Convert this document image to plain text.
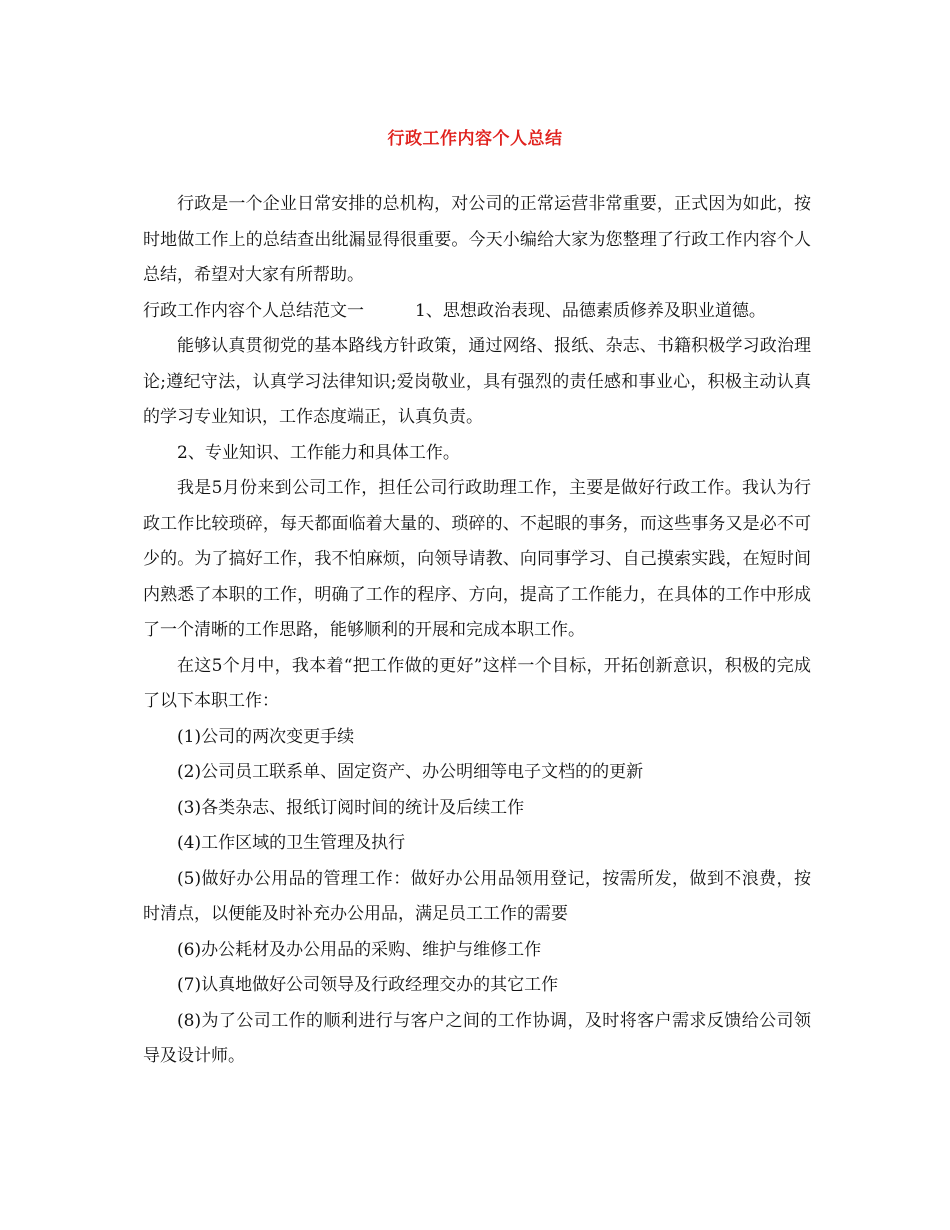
行政工作内容个人总结

行政是一个企业日常安排的总机构，对公司的正常运营非常重要，正式因为如此，按时地做工作上的总结查出纰漏显得很重要。今天小编给大家为您整理了行政工作内容个人总结，希望对大家有所帮助。

行政工作内容个人总结范文一　　　1、思想政治表现、品德素质修养及职业道德。

能够认真贯彻党的基本路线方针政策，通过网络、报纸、杂志、书籍积极学习政治理论;遵纪守法，认真学习法律知识;爱岗敬业，具有强烈的责任感和事业心，积极主动认真的学习专业知识，工作态度端正，认真负责。

2、专业知识、工作能力和具体工作。

我是5月份来到公司工作，担任公司行政助理工作，主要是做好行政工作。我认为行政工作比较琐碎，每天都面临着大量的、琐碎的、不起眼的事务，而这些事务又是必不可少的。为了搞好工作，我不怕麻烦，向领导请教、向同事学习、自己摸索实践，在短时间内熟悉了本职的工作，明确了工作的程序、方向，提高了工作能力，在具体的工作中形成了一个清晰的工作思路，能够顺利的开展和完成本职工作。

在这5个月中，我本着“把工作做的更好”这样一个目标，开拓创新意识，积极的完成了以下本职工作：

(1)公司的两次变更手续

(2)公司员工联系单、固定资产、办公明细等电子文档的的更新

(3)各类杂志、报纸订阅时间的统计及后续工作

(4)工作区域的卫生管理及执行

(5)做好办公用品的管理工作：做好办公用品领用登记，按需所发，做到不浪费，按时清点，以便能及时补充办公用品，满足员工工作的需要

(6)办公耗材及办公用品的采购、维护与维修工作

(7)认真地做好公司领导及行政经理交办的其它工作

(8)为了公司工作的顺利进行与客户之间的工作协调，及时将客户需求反馈给公司领导及设计师。
